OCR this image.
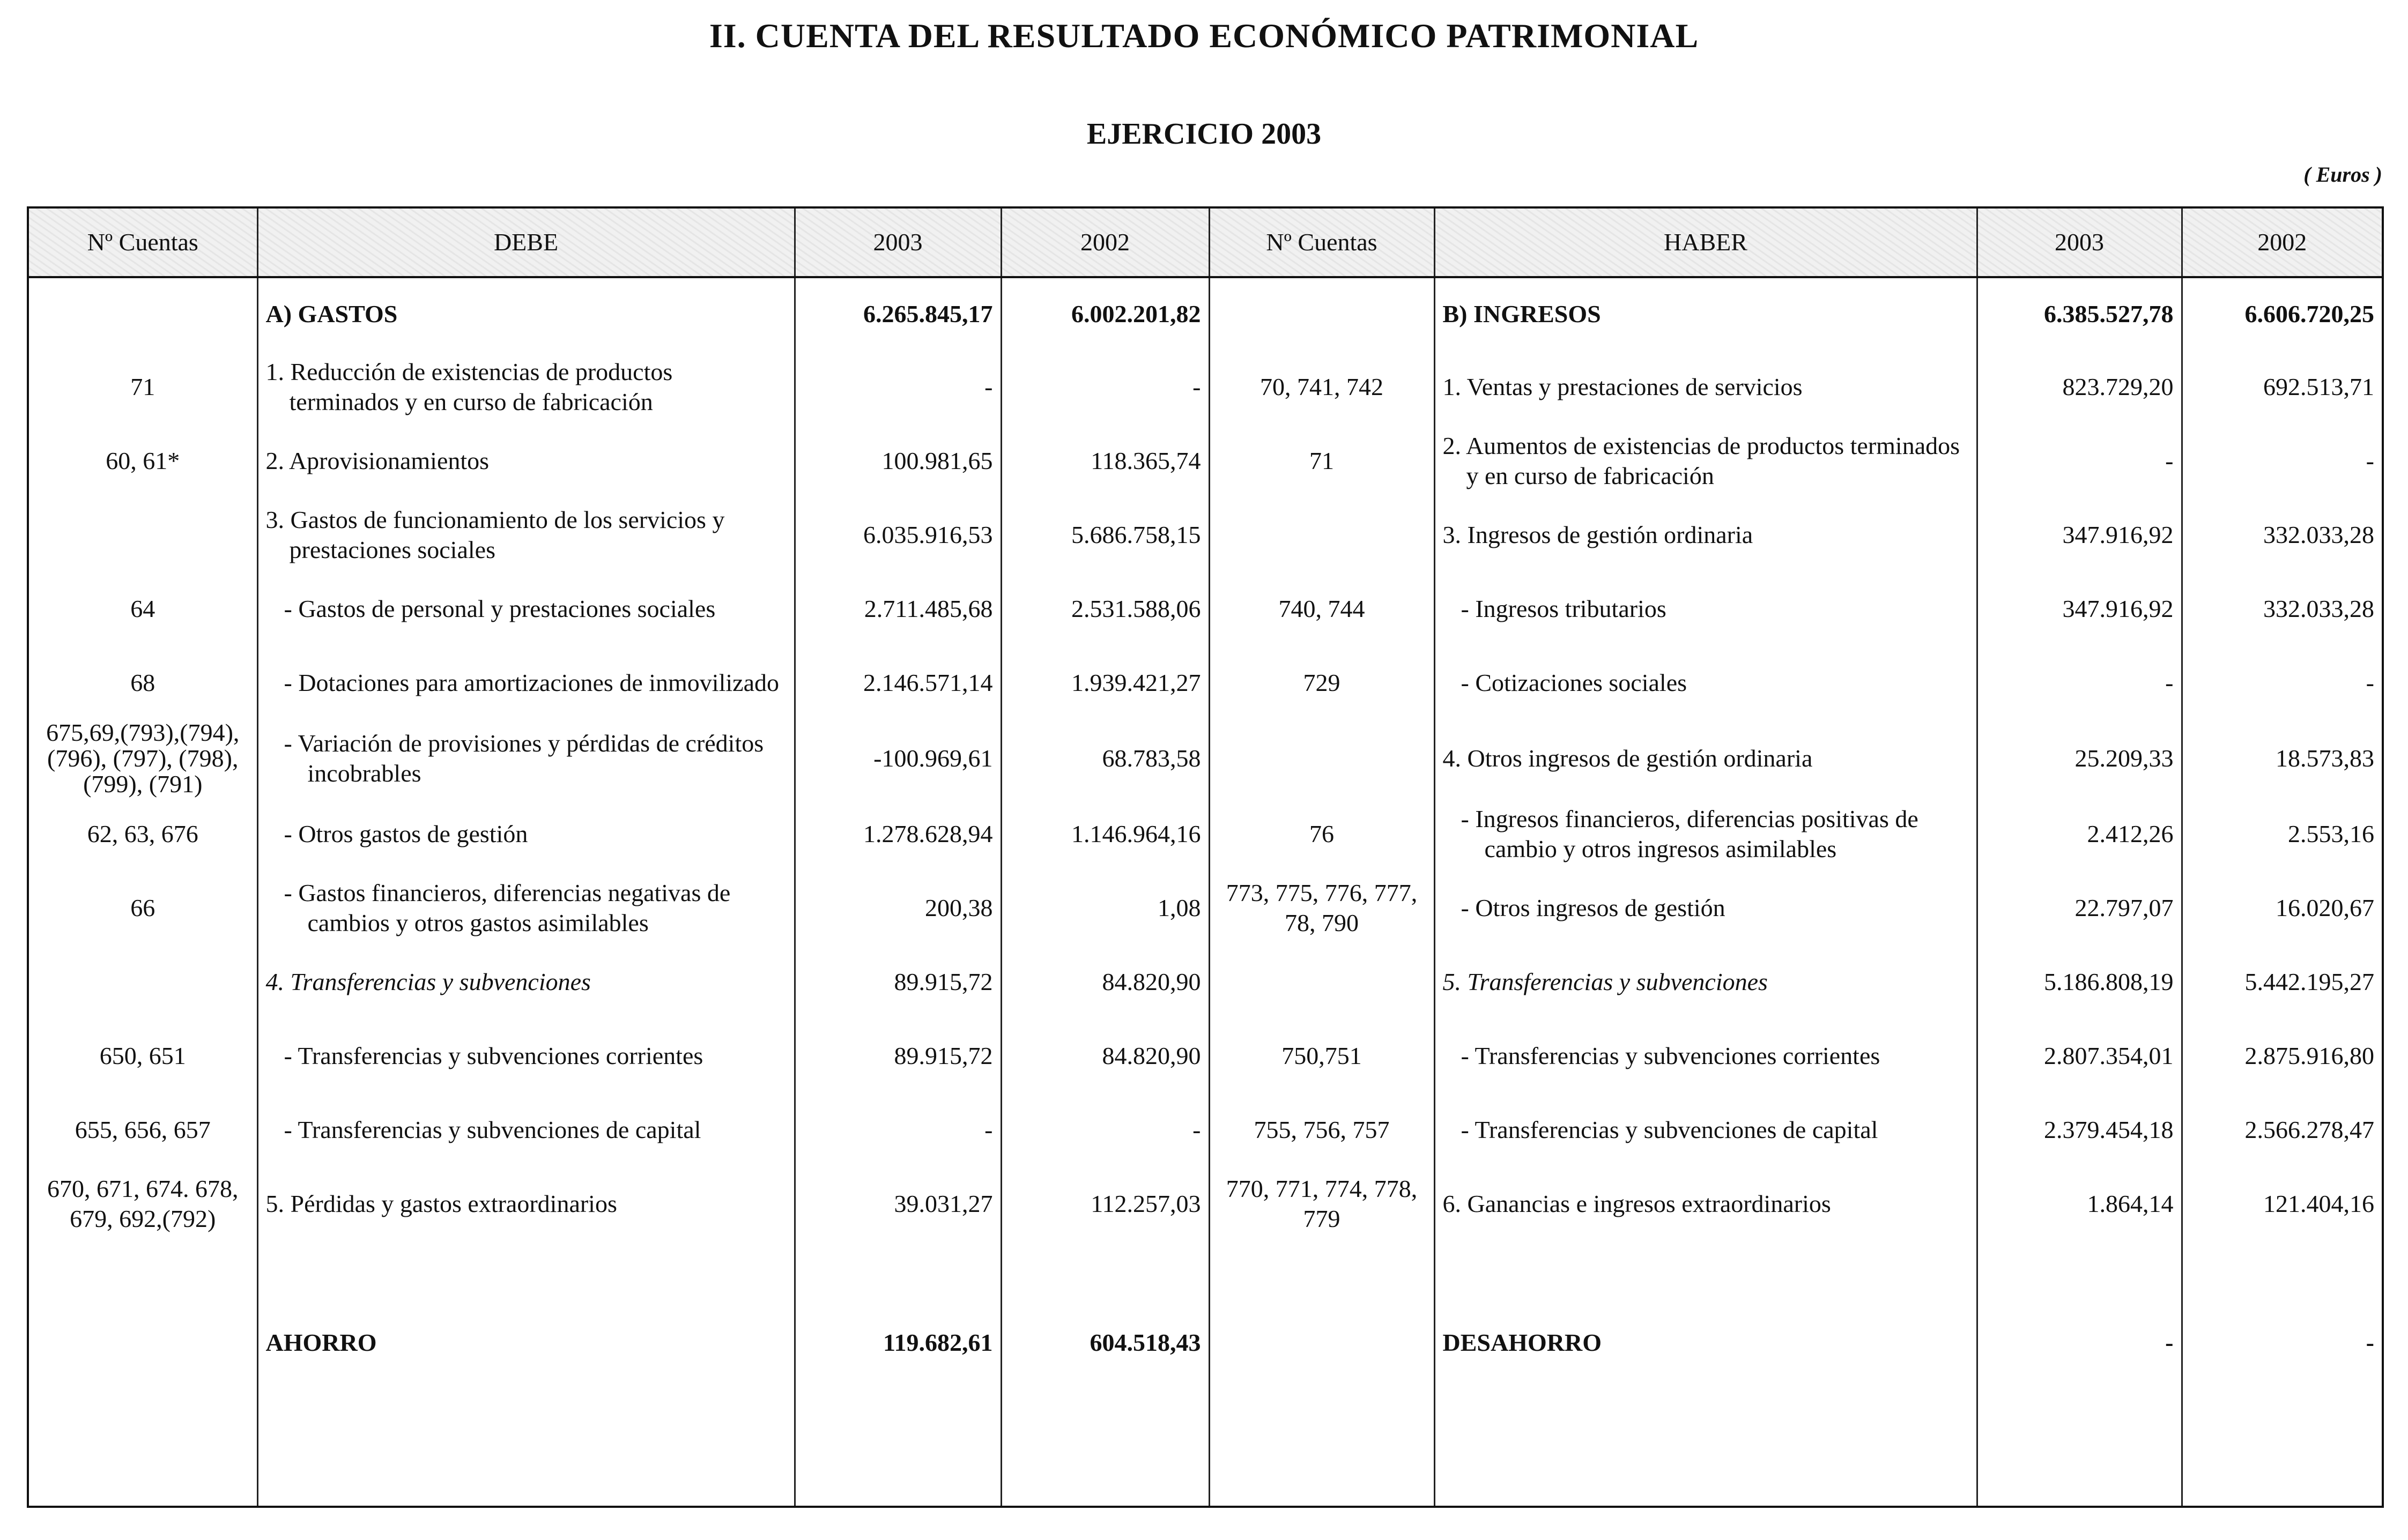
II. CUENTA DEL RESULTADO ECONÓMICO PATRIMONIAL
EJERCICIO 2003
( Euros )
Nº Cuentas	DEBE	2003	2002	Nº Cuentas	HABER	2003	2002
	A) GASTOS	6.265.845,17	6.002.201,82		B) INGRESOS	6.385.527,78	6.606.720,25
71	1. Reducción de existencias de productos terminados y en curso de fabricación	-	-	70, 741, 742	1. Ventas y prestaciones de servicios	823.729,20	692.513,71
60, 61*	2. Aprovisionamientos	100.981,65	118.365,74	71	2. Aumentos de existencias de productos terminados y en curso de fabricación	-	-

	3. Gastos de funcionamiento de los servicios y prestaciones sociales	6.035.916,53	5.686.758,15		3. Ingresos de gestión ordinaria	347.916,92	332.033,28
64	- Gastos de personal y prestaciones sociales	2.711.485,68	2.531.588,06	740, 744	- Ingresos tributarios	347.916,92	332.033,28
68	- Dotaciones para amortizaciones de inmovilizado	2.146.571,14	1.939.421,27	729	- Cotizaciones sociales	-	-
675,69,(793),(794), (796), (797), (798), (799), (791)	- Variación de provisiones y pérdidas de créditos incobrables	-100.969,61	68.783,58		4. Otros ingresos de gestión ordinaria	25.209,33	18.573,83
62, 63, 676	- Otros gastos de gestión	1.278.628,94	1.146.964,16	76	- Ingresos financieros, diferencias positivas de cambio y otros ingresos asimilables	2.412,26	2.553,16
66	- Gastos financieros, diferencias negativas de cambios y otros gastos asimilables	200,38	1,08	773, 775, 776, 777, 78, 790	- Otros ingresos de gestión	22.797,07	16.020,67
	4. Transferencias y subvenciones	89.915,72	84.820,90		5. Transferencias y subvenciones	5.186.808,19	5.442.195,27
650, 651	- Transferencias y subvenciones corrientes	89.915,72	84.820,90	750,751	- Transferencias y subvenciones corrientes	2.807.354,01	2.875.916,80
655, 656, 657	- Transferencias y subvenciones de capital	-	-	755, 756, 757	- Transferencias y subvenciones de capital	2.379.454,18	2.566.278,47
670, 671, 674. 678, 679, 692,(792)	5. Pérdidas y gastos extraordinarios	39.031,27	112.257,03	770, 771, 774, 778, 779	6. Ganancias e ingresos extraordinarios	1.864,14	121.404,16

	AHORRO	119.682,61	604.518,43		DESAHORRO	-	-
